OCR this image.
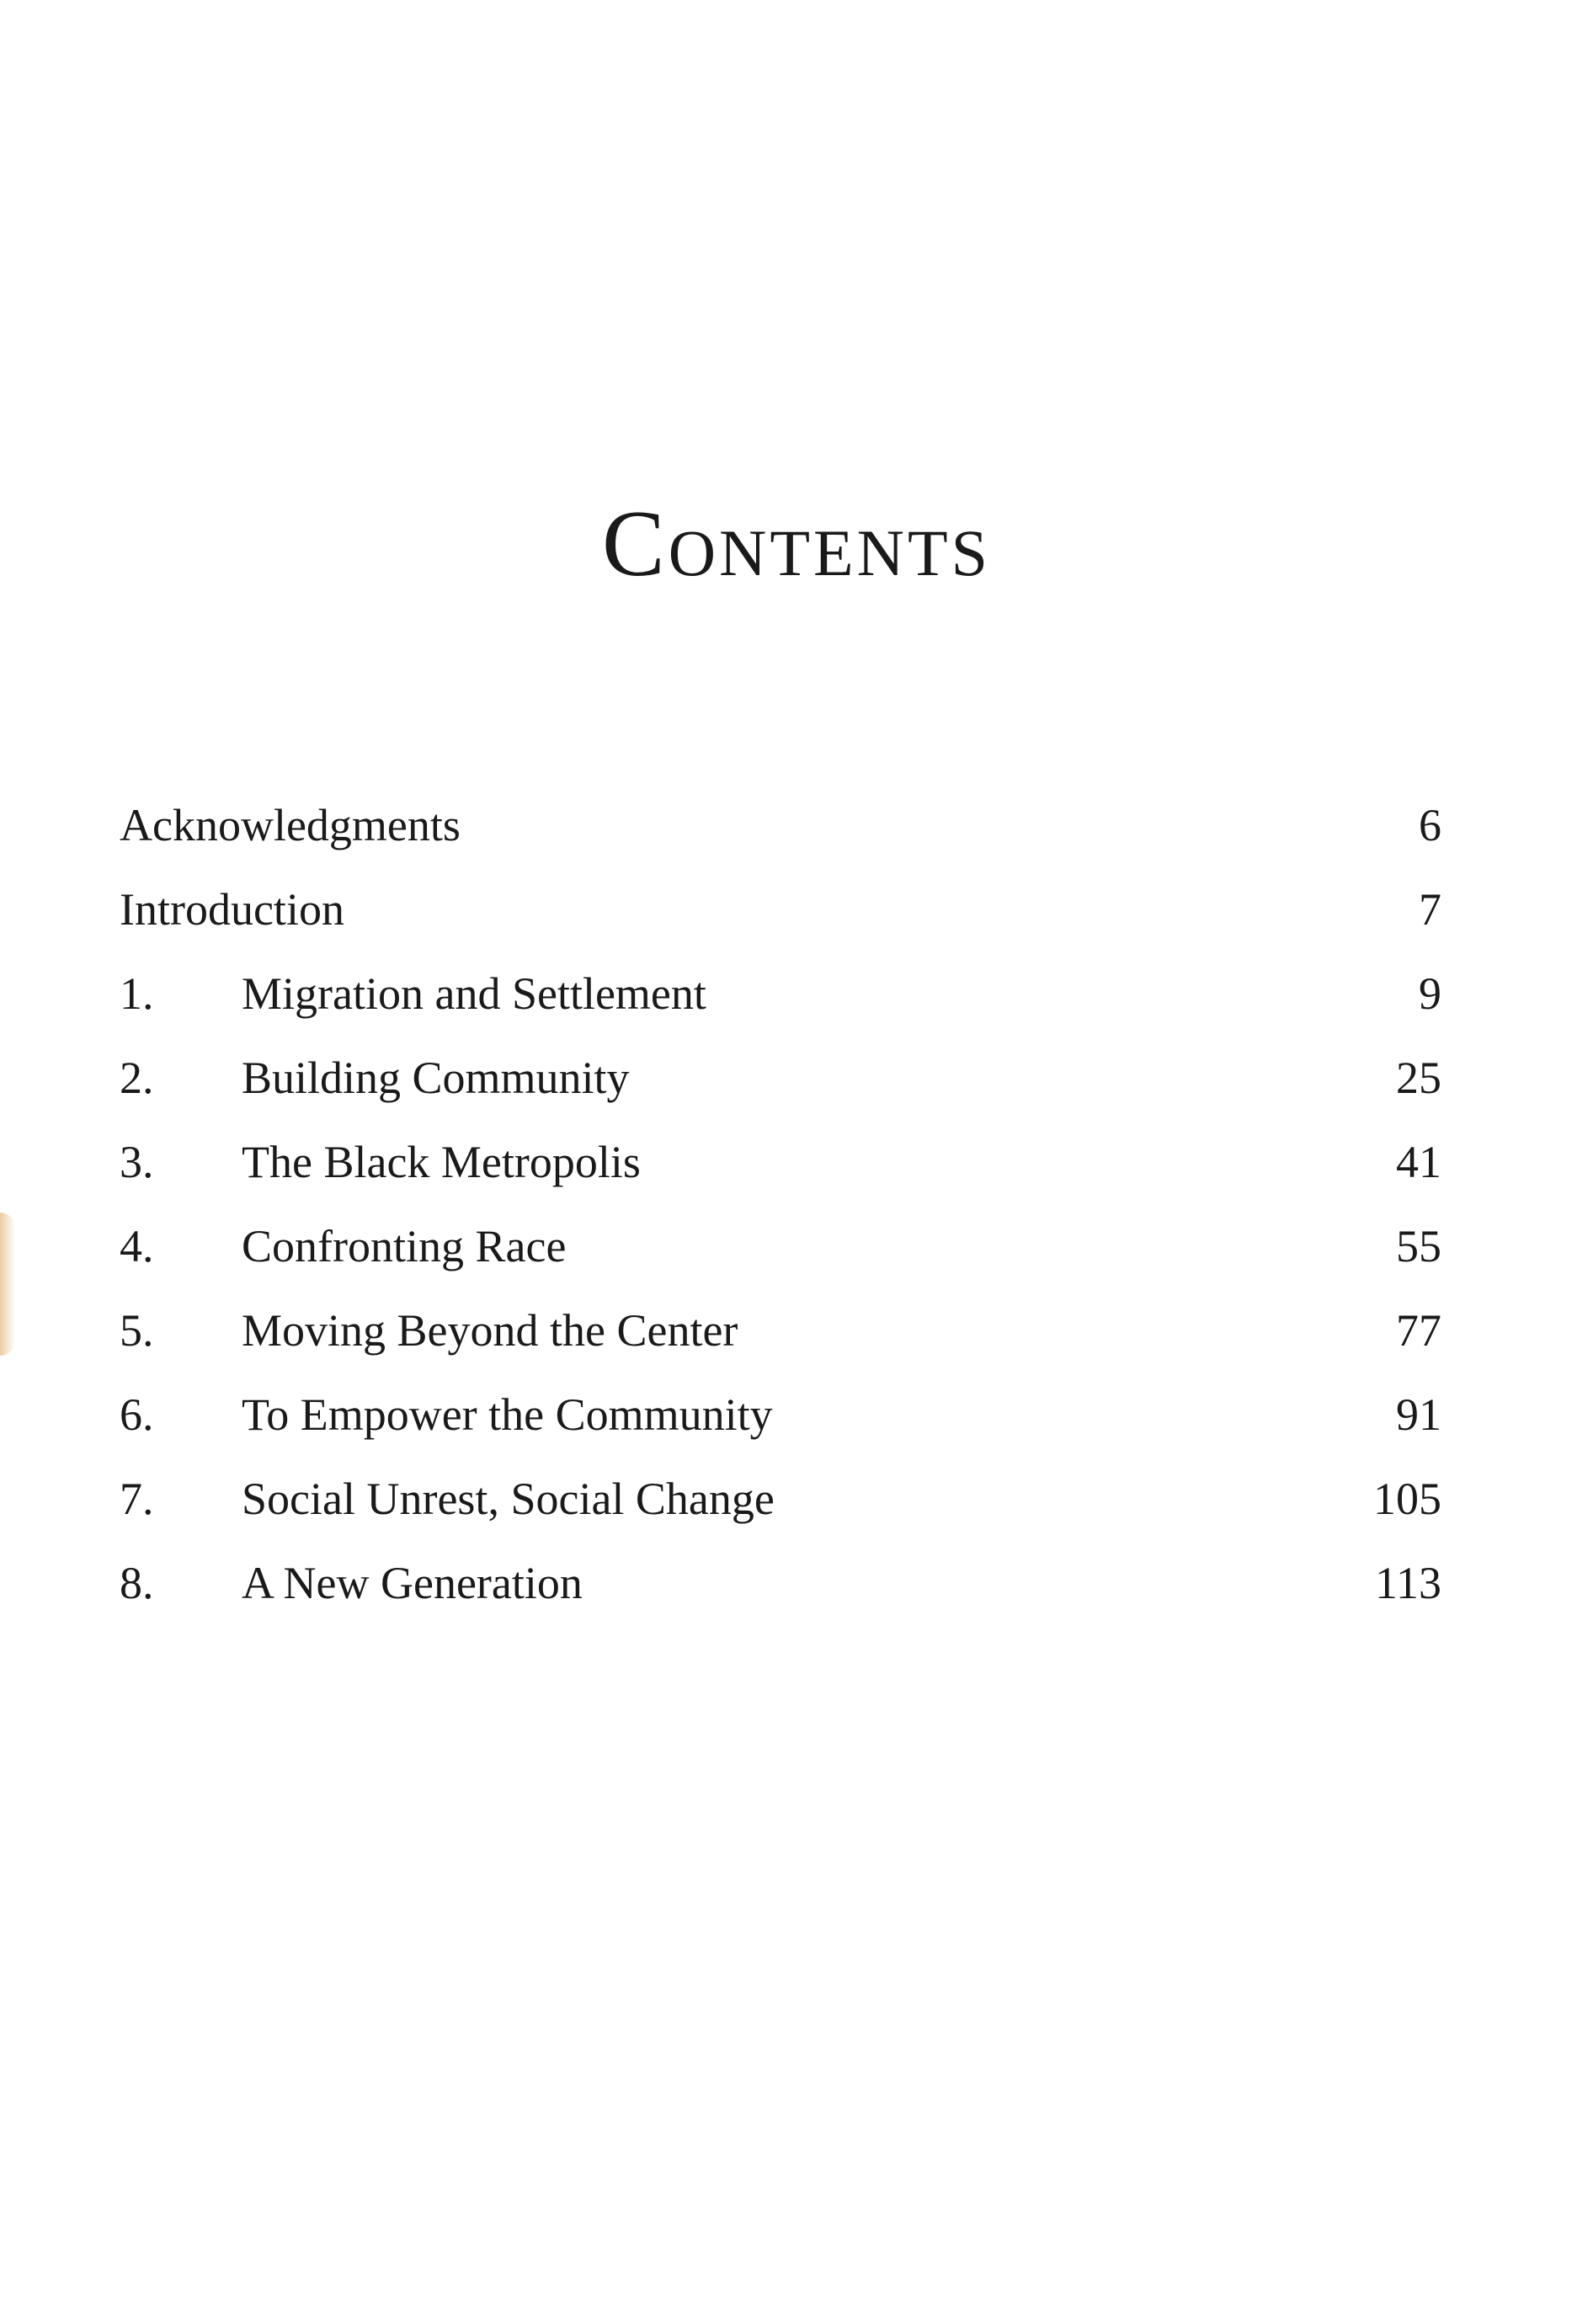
Contents
Acknowledgments	6
Introduction	7
1.	Migration and Settlement	9
2.	Building Community	25
3.	The Black Metropolis	41
4.	Confronting Race	55
5.	Moving Beyond the Center	77
6.	To Empower the Community	91
7.	Social Unrest, Social Change	105
8.	A New Generation	113
